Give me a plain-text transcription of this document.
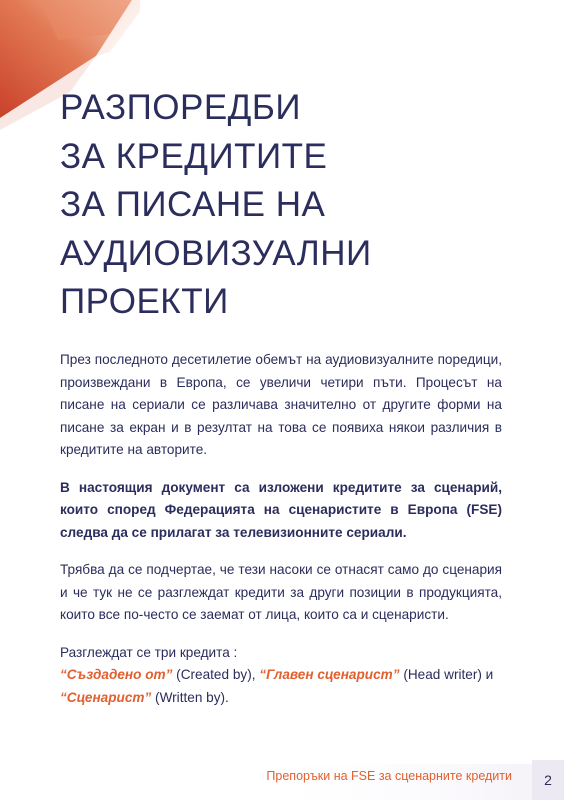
РАЗПОРЕДБИ
ЗА КРЕДИТИТЕ
ЗА ПИСАНЕ НА
АУДИОВИЗУАЛНИ
ПРОЕКТИ

През последното десетилетие обемът на аудиовизуалните поредици, произвеждани в Европа, се увеличи четири пъти. Процесът на писане на сериали се различава значително от другите форми на писане за екран и в резултат на това се появиха някои различия в кредитите на авторите.

В настоящия документ са изложени кредитите за сценарий, които според Федерацията на сценаристите в Европа (FSE) следва да се прилагат за телевизионните сериали.

Трябва да се подчертае, че тези насоки се отнасят само до сценария и че тук не се разглеждат кредити за други позиции в продукцията, които все по-често се заемат от лица, които са и сценаристи.

Разглеждат се три кредита :

“Създадено от” (Created by), “Главен сценарист” (Head writer) и

“Сценарист” (Written by).

Препоръки на FSE за сценарните кредити	2
